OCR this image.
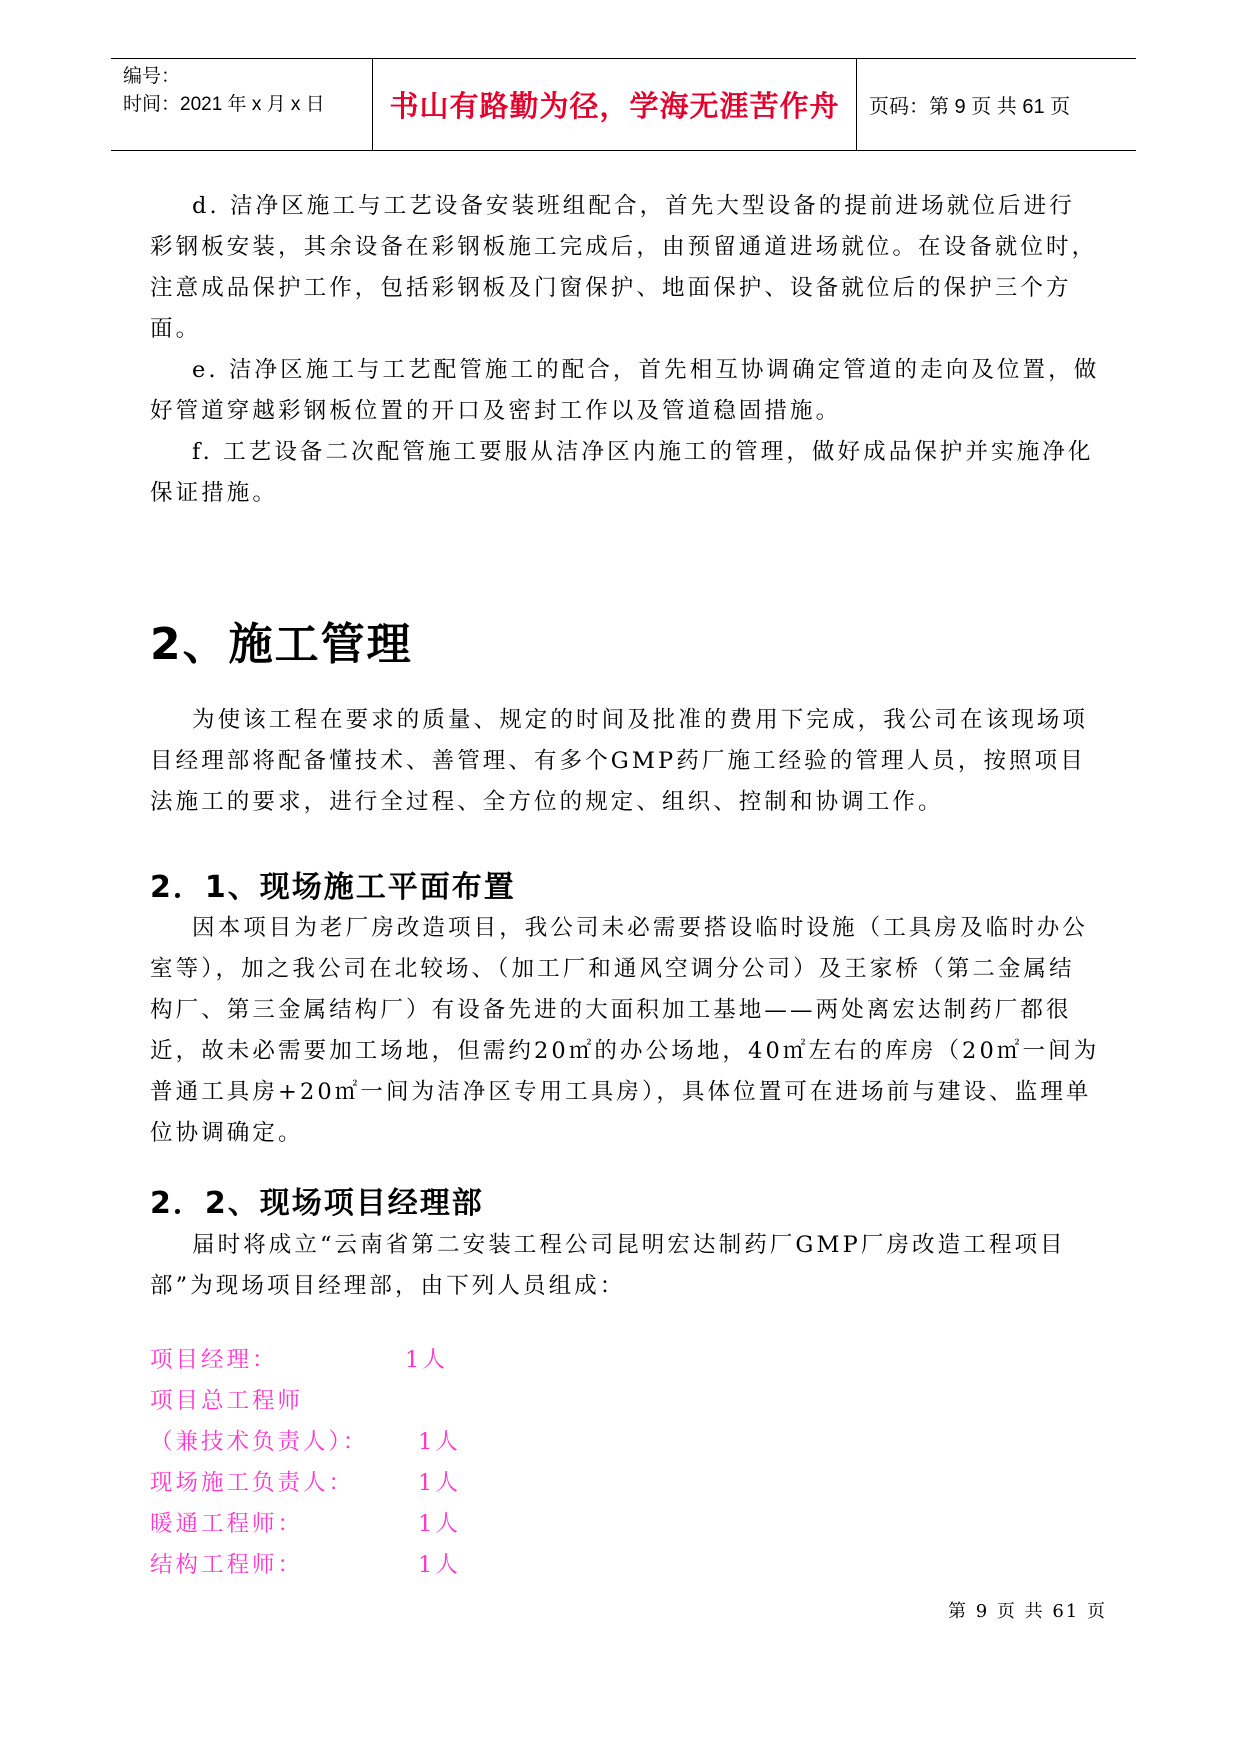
编号：
时间：2021 年 x 月 x 日	书山有路勤为径，学海无涯苦作舟 页码：第 9 页 共 61 页

d. 洁净区施工与工艺设备安装班组配合，首先大型设备的提前进场就位后进行彩钢板安装，其余设备在彩钢板施工完成后，由预留通道进场就位。在设备就位时，注意成品保护工作，包括彩钢板及门窗保护、地面保护、设备就位后的保护三个方面。

e. 洁净区施工与工艺配管施工的配合，首先相互协调确定管道的走向及位置，做好管道穿越彩钢板位置的开口及密封工作以及管道稳固措施。

f. 工艺设备二次配管施工要服从洁净区内施工的管理，做好成品保护并实施净化保证措施。

2、施工管理

为使该工程在要求的质量、规定的时间及批准的费用下完成，我公司在该现场项目经理部将配备懂技术、善管理、有多个GMP药厂施工经验的管理人员，按照项目法施工的要求，进行全过程、全方位的规定、组织、控制和协调工作。

2．1、现场施工平面布置

因本项目为老厂房改造项目，我公司未必需要搭设临时设施（工具房及临时办公室等），加之我公司在北较场、（加工厂和通风空调分公司）及王家桥（第二金属结构厂、第三金属结构厂）有设备先进的大面积加工基地——两处离宏达制药厂都很近，故未必需要加工场地，但需约20㎡的办公场地，40㎡左右的库房（20㎡一间为普通工具房+20㎡一间为洁净区专用工具房），具体位置可在进场前与建设、监理单位协调确定。

2．2、现场项目经理部

届时将成立“云南省第二安装工程公司昆明宏达制药厂GMP厂房改造工程项目部”为现场项目经理部，由下列人员组成：

项目经理：	1人
项目总工程师
（兼技术负责人）： 1人
现场施工负责人：	1人
暖通工程师：	1人
结构工程师：	1人
第 9 页 共 61 页
